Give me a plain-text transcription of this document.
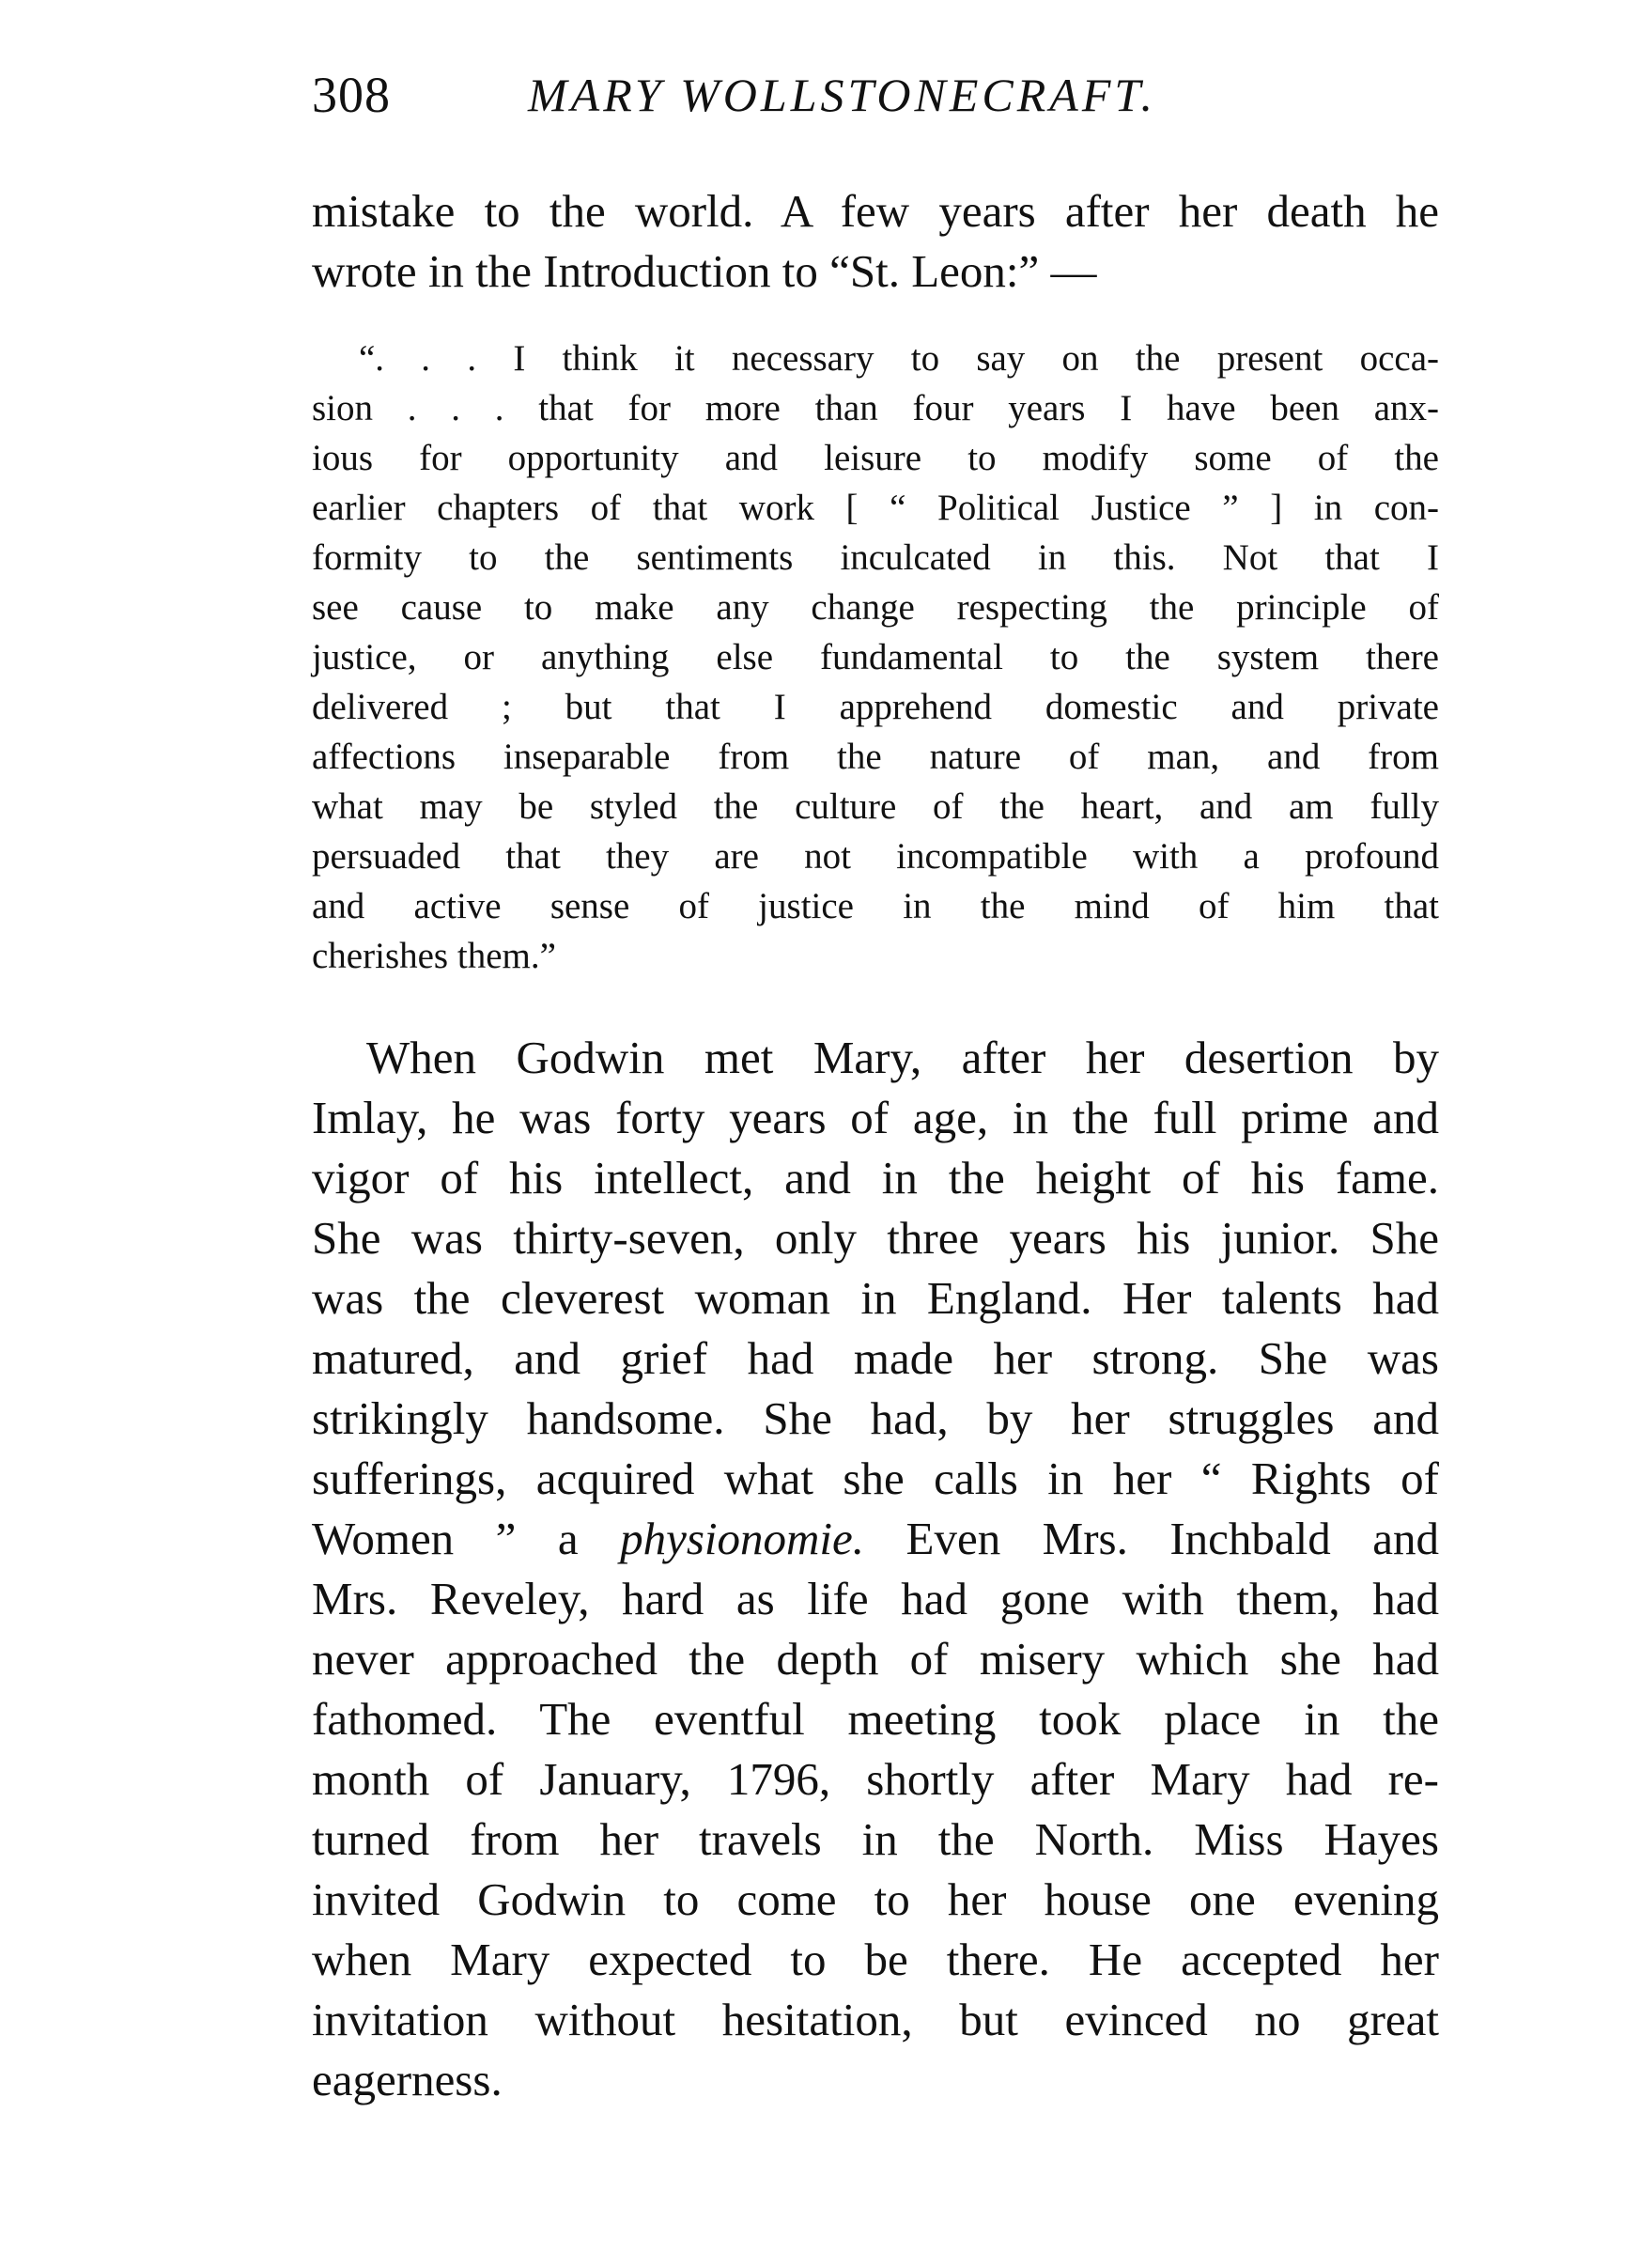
308	MARY WOLLSTONECRAFT.
mistake to the world. A few years after her death he
wrote in the Introduction to “St. Leon:” —
“. . . I think it necessary to say on the present occa-
sion . . . that for more than four years I have been anx-
ious for opportunity and leisure to modify some of the
earlier chapters of that work [ “ Political Justice ” ] in con-
formity to the sentiments inculcated in this. Not that I
see cause to make any change respecting the principle of
justice, or anything else fundamental to the system there
delivered ; but that I apprehend domestic and private
affections inseparable from the nature of man, and from
what may be styled the culture of the heart, and am fully
persuaded that they are not incompatible with a profound
and active sense of justice in the mind of him that
cherishes them.”
When Godwin met Mary, after her desertion by
Imlay, he was forty years of age, in the full prime and
vigor of his intellect, and in the height of his fame.
She was thirty-seven, only three years his junior. She
was the cleverest woman in England. Her talents had
matured, and grief had made her strong. She was
strikingly handsome. She had, by her struggles and
sufferings, acquired what she calls in her “ Rights of
Women ” a physionomie. Even Mrs. Inchbald and
Mrs. Reveley, hard as life had gone with them, had
never approached the depth of misery which she had
fathomed. The eventful meeting took place in the
month of January, 1796, shortly after Mary had re-
turned from her travels in the North. Miss Hayes
invited Godwin to come to her house one evening
when Mary expected to be there. He accepted her
invitation without hesitation, but evinced no great
eagerness.
